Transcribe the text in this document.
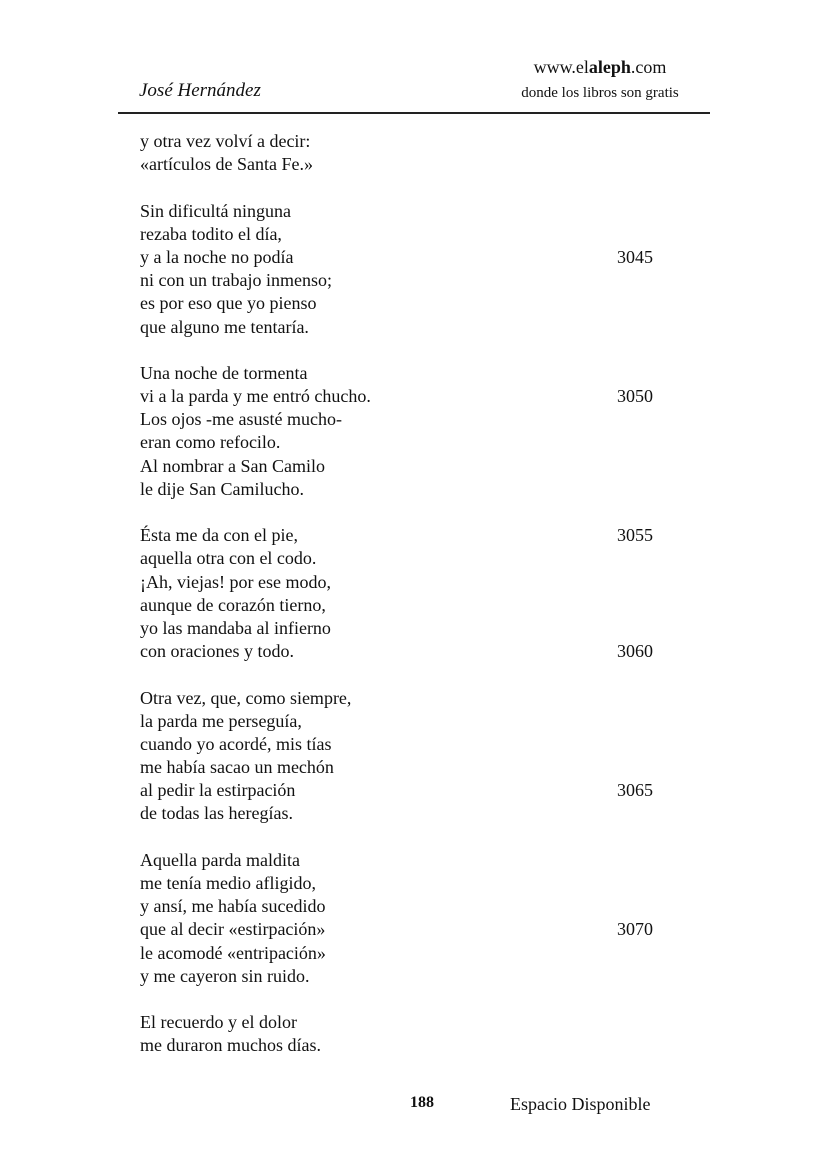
José Hernández
www.elaleph.com
donde los libros son gratis
y otra vez volví a decir:
«artículos de Santa Fe.»
Sin dificultá ninguna
rezaba todito el día,
y a la noche no podía	3045
ni con un trabajo inmenso;
es por eso que yo pienso
que alguno me tentaría.
Una noche de tormenta
vi a la parda y me entró chucho.	3050
Los ojos -me asusté mucho-
eran como refocilo.
Al nombrar a San Camilo
le dije San Camilucho.
Ésta me da con el pie,	3055
aquella otra con el codo.
¡Ah, viejas! por ese modo,
aunque de corazón tierno,
yo las mandaba al infierno
con oraciones y todo.	3060
Otra vez, que, como siempre,
la parda me perseguía,
cuando yo acordé, mis tías
me había sacao un mechón
al pedir la estirpación	3065
de todas las heregías.
Aquella parda maldita
me tenía medio afligido,
y ansí, me había sucedido
que al decir «estirpación»	3070
le acomodé «entripación»
y me cayeron sin ruido.
El recuerdo y el dolor
me duraron muchos días.
188	Espacio Disponible
